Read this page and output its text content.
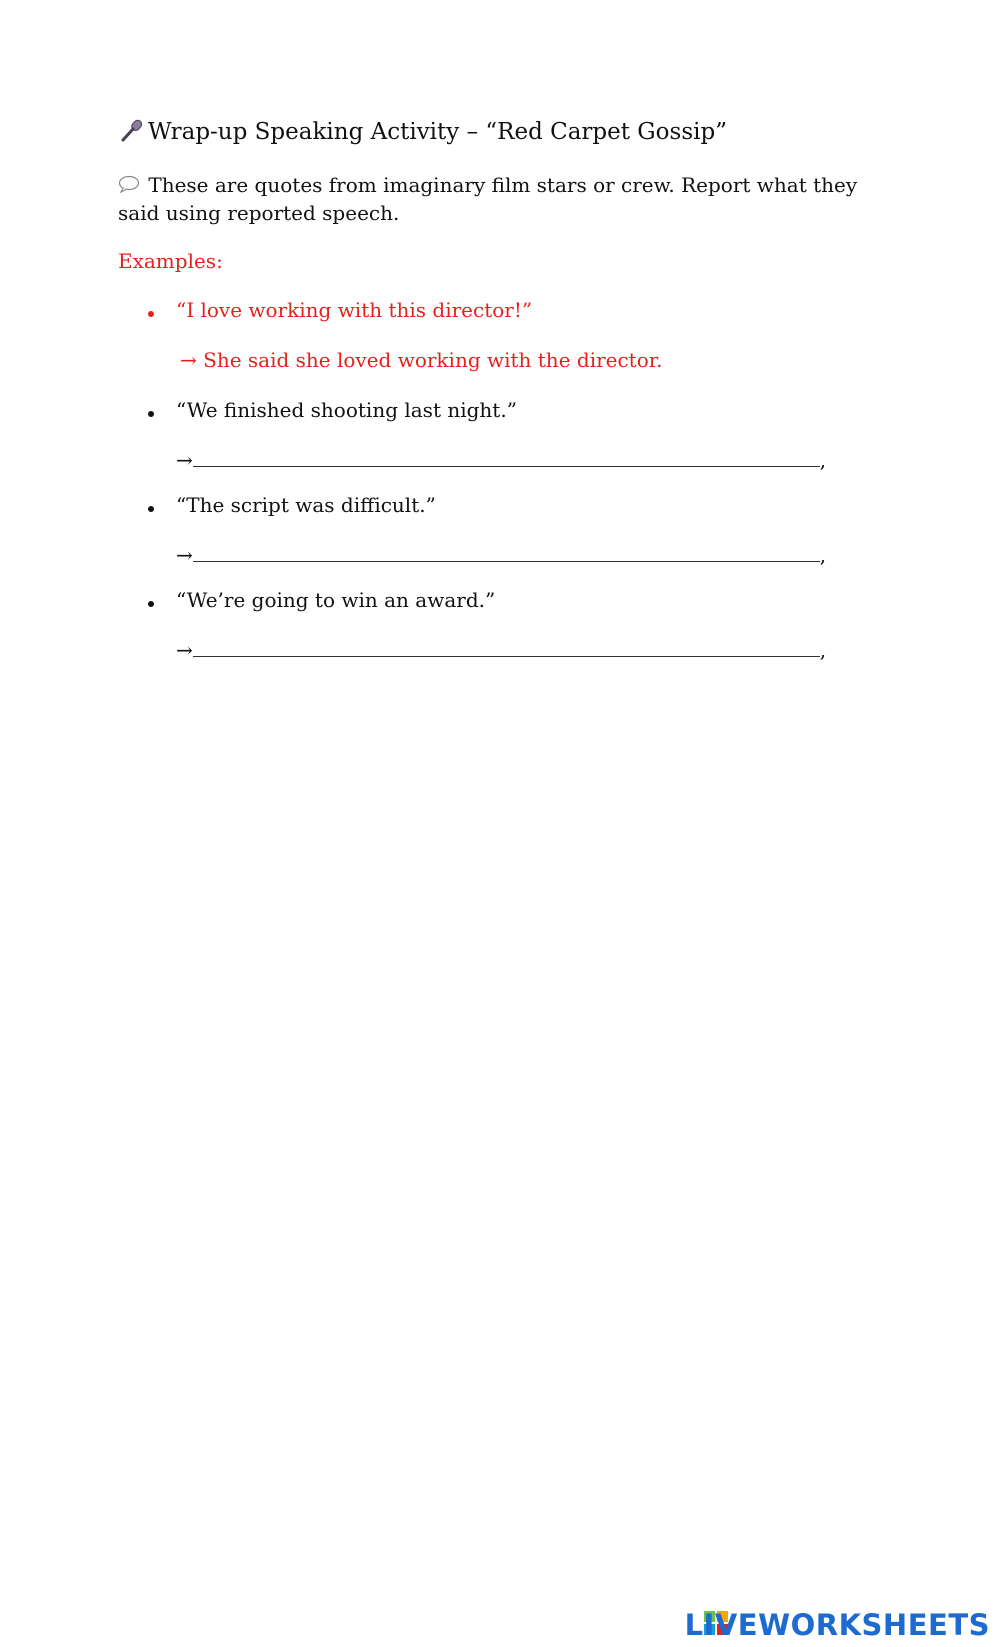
Wrap-up Speaking Activity – “Red Carpet Gossip”
These are quotes from imaginary film stars or crew. Report what they said using reported speech.
Examples:
“I love working with this director!”
→ She said she loved working with the director.
“We finished shooting last night.”
→	,
“The script was difficult.”
→	,
“We’re going to win an award.”
→	,
LIVEWORKSHEETS
